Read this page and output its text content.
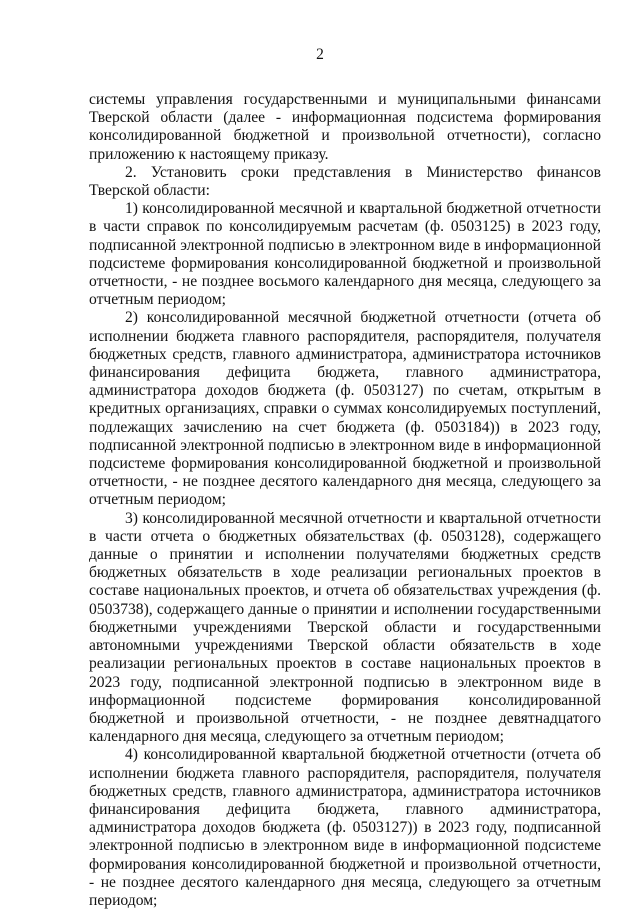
2

системы управления государственными и муниципальными финансами Тверской области (далее - информационная подсистема формирования консолидированной бюджетной и произвольной отчетности), согласно приложению к настоящему приказу.

2. Установить сроки представления в Министерство финансов Тверской области:

1) консолидированной месячной и квартальной бюджетной отчетности в части справок по консолидируемым расчетам (ф. 0503125) в 2023 году, подписанной электронной подписью в электронном виде в информационной подсистеме формирования консолидированной бюджетной и произвольной отчетности, - не позднее восьмого календарного дня месяца, следующего за отчетным периодом;

2) консолидированной месячной бюджетной отчетности (отчета об исполнении бюджета главного распорядителя, распорядителя, получателя бюджетных средств, главного администратора, администратора источников финансирования дефицита бюджета, главного администратора, администратора доходов бюджета (ф. 0503127) по счетам, открытым в кредитных организациях, справки о суммах консолидируемых поступлений, подлежащих зачислению на счет бюджета (ф. 0503184)) в 2023 году, подписанной электронной подписью в электронном виде в информационной подсистеме формирования консолидированной бюджетной и произвольной отчетности, - не позднее десятого календарного дня месяца, следующего за отчетным периодом;

3) консолидированной месячной отчетности и квартальной отчетности в части отчета о бюджетных обязательствах (ф. 0503128), содержащего данные о принятии и исполнении получателями бюджетных средств бюджетных обязательств в ходе реализации региональных проектов в составе национальных проектов, и отчета об обязательствах учреждения (ф. 0503738), содержащего данные о принятии и исполнении государственными бюджетными учреждениями Тверской области и государственными автономными учреждениями Тверской области обязательств в ходе реализации региональных проектов в составе национальных проектов в 2023 году, подписанной электронной подписью в электронном виде в информационной подсистеме формирования консолидированной бюджетной и произвольной отчетности, - не позднее девятнадцатого календарного дня месяца, следующего за отчетным периодом;

4) консолидированной квартальной бюджетной отчетности (отчета об исполнении бюджета главного распорядителя, распорядителя, получателя бюджетных средств, главного администратора, администратора источников финансирования дефицита бюджета, главного администратора, администратора доходов бюджета (ф. 0503127)) в 2023 году, подписанной электронной подписью в электронном виде в информационной подсистеме формирования консолидированной бюджетной и произвольной отчетности, - не позднее десятого календарного дня месяца, следующего за отчетным периодом;
